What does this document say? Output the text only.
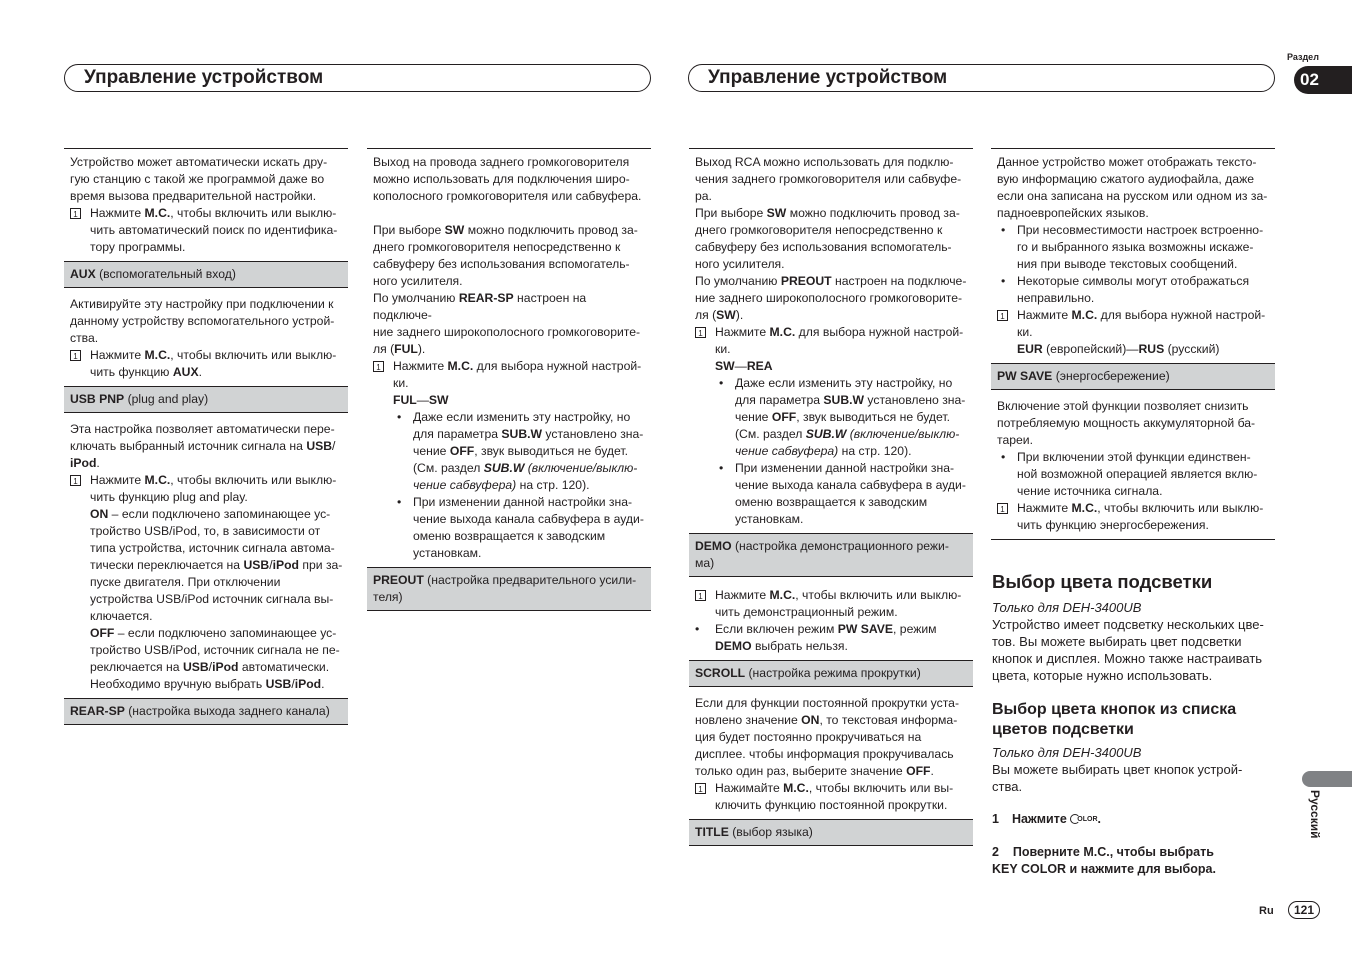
Управление устройством	Управление устройством
Раздел
02
Русский
Ru	121

Устройство может автоматически искать дру-

гую станцию с такой же программой даже во

время вызова предварительной настройки.

1 Нажмите M.C., чтобы включить или выклю-

чить автоматический поиск по идентифика-

тору программы.

AUX (вспомогательный вход)

Активируйте эту настройку при подключении к

данному устройству вспомогательного устрой-

ства.

1 Нажмите M.C., чтобы включить или выклю-

чить функцию AUX.

USB PNP (plug and play)

Эта настройка позволяет автоматически пере-

ключать выбранный источник сигнала на USB/

iPod.

1 Нажмите M.C., чтобы включить или выклю-

чить функцию plug and play.

ON – если подключено запоминающее ус-

тройство USB/iPod, то, в зависимости от

типа устройства, источник сигнала автома-

тически переключается на USB/iPod при за-

пуске двигателя. При отключении

устройства USB/iPod источник сигнала вы-

ключается.

OFF – если подключено запоминающее ус-

тройство USB/iPod, источник сигнала не пе-

реключается на USB/iPod автоматически.

Необходимо вручную выбрать USB/iPod.

REAR-SP (настройка выхода заднего канала)

Выход на провода заднего громкоговорителя

можно использовать для подключения широ-

кополосного громкоговорителя или сабвуфера.

При выборе SW можно подключить провод за-

днего громкоговорителя непосредственно к

сабвуферу без использования вспомогатель-

ного усилителя.

По умолчанию REAR-SP настроен на подключе-

ние заднего широкополосного громкоговорите-

ля (FUL).

1 Нажмите M.C. для выбора нужной настрой-

ки.

FUL—SW

• Даже если изменить эту настройку, но

для параметра SUB.W установлено зна-

чение OFF, звук выводиться не будет.

(См. раздел SUB.W (включение/выклю-

чение сабвуфера) на стр. 120).

• При изменении данной настройки зна-

чение выхода канала сабвуфера в ауди-

оменю возвращается к заводским

установкам.

PREOUT (настройка предварительного усили-

теля)

Выход RCA можно использовать для подклю-

чения заднего громкоговорителя или сабвуфе-

ра.

При выборе SW можно подключить провод за-

днего громкоговорителя непосредственно к

сабвуферу без использования вспомогатель-

ного усилителя.

По умолчанию PREOUT настроен на подключе-

ние заднего широкополосного громкоговорите-

ля (SW).

1 Нажмите M.C. для выбора нужной настрой-

ки.

SW—REA

• Даже если изменить эту настройку, но

для параметра SUB.W установлено зна-

чение OFF, звук выводиться не будет.

(См. раздел SUB.W (включение/выклю-

чение сабвуфера) на стр. 120).

• При изменении данной настройки зна-

чение выхода канала сабвуфера в ауди-

оменю возвращается к заводским

установкам.

DEMO (настройка демонстрационного режи-

ма)

1 Нажмите M.C., чтобы включить или выклю-

чить демонстрационный режим.

•	Если включен режим PW SAVE, режим

DEMO выбрать нельзя.

SCROLL (настройка режима прокрутки)

Если для функции постоянной прокрутки уста-

новлено значение ON, то текстовая информа-

ция будет постоянно прокручиваться на

дисплее. чтобы информация прокручивалась

только один раз, выберите значение OFF.

1 Нажимайте M.C., чтобы включить или вы-

ключить функцию постоянной прокрутки.

TITLE (выбор языка)

Данное устройство может отображать тексто-

вую информацию сжатого аудиофайла, даже

если она записана на русском или одном из за-

падноевропейских языков.

• При несовместимости настроек встроенно-

го и выбранного языка возможны искаже-

ния при выводе текстовых сообщений.

• Некоторые символы могут отображаться

неправильно.

1 Нажмите M.C. для выбора нужной настрой-

ки.

EUR (европейский)—RUS (русский)

PW SAVE (энергосбережение)

Включение этой функции позволяет снизить

потребляемую мощность аккумуляторной ба-

тареи.

• При включении этой функции единствен-

ной возможной операцией является вклю-

чение источника сигнала.

1 Нажмите M.C., чтобы включить или выклю-

чить функцию энергосбережения.

Выбор цвета подсветки

Только для DEH-3400UB

Устройство имеет подсветку нескольких цве-

тов. Вы можете выбирать цвет подсветки

кнопок и дисплея. Можно также настраивать

цвета, которые нужно использовать.

Выбор цвета кнопок из списка
цветов подсветки

Только для DEH-3400UB

Вы можете выбирать цвет кнопок устрой-

ства.

1 Нажмите OLOR.

2    Поверните M.C., чтобы выбрать

KEY COLOR и нажмите для выбора.
